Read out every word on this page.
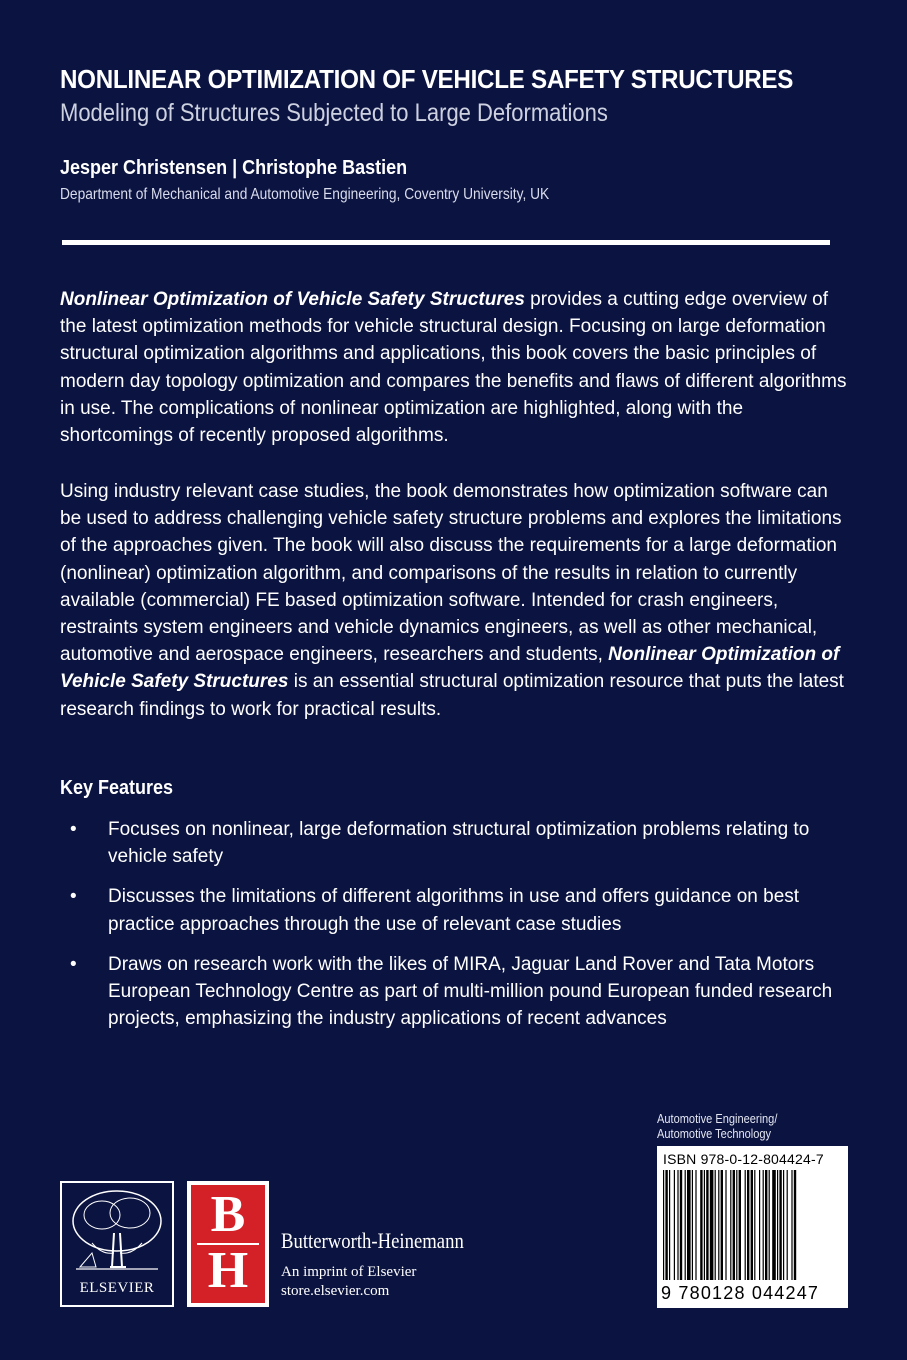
NONLINEAR OPTIMIZATION OF VEHICLE SAFETY STRUCTURES
Modeling of Structures Subjected to Large Deformations
Jesper Christensen | Christophe Bastien
Department of Mechanical and Automotive Engineering, Coventry University, UK
Nonlinear Optimization of Vehicle Safety Structures provides a cutting edge overview of the latest optimization methods for vehicle structural design. Focusing on large deformation structural optimization algorithms and applications, this book covers the basic principles of modern day topology optimization and compares the benefits and flaws of different algorithms in use. The complications of nonlinear optimization are highlighted, along with the shortcomings of recently proposed algorithms.
Using industry relevant case studies, the book demonstrates how optimization software can be used to address challenging vehicle safety structure problems and explores the limitations of the approaches given. The book will also discuss the requirements for a large deformation (nonlinear) optimization algorithm, and comparisons of the results in relation to currently available (commercial) FE based optimization software. Intended for crash engineers, restraints system engineers and vehicle dynamics engineers, as well as other mechanical, automotive and aerospace engineers, researchers and students, Nonlinear Optimization of Vehicle Safety Structures is an essential structural optimization resource that puts the latest research findings to work for practical results.
Key Features
• Focuses on nonlinear, large deformation structural optimization problems relating to vehicle safety
• Discusses the limitations of different algorithms in use and offers guidance on best practice approaches through the use of relevant case studies
• Draws on research work with the likes of MIRA, Jaguar Land Rover and Tata Motors European Technology Centre as part of multi-million pound European funded research projects, emphasizing the industry applications of recent advances
Automotive Engineering/
Automotive Technology
ISBN 978-0-12-804424-7
9 780128 044247
ELSEVIER
B
H
Butterworth-Heinemann
An imprint of Elsevier
store.elsevier.com
